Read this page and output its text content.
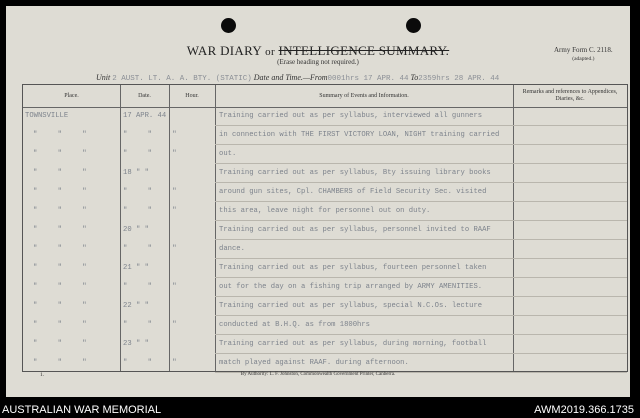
WAR DIARY or INTELLIGENCE SUMMARY.
(Erase heading not required.)
Army Form C. 2118.
(adapted.)
Unit 2 AUST. LT. A. A. BTY. (STATIC) Date and Time.—From0001hrs 17 APR. 44 To2359hrs 28 APR. 44
Place.	Date.	Hour.	Summary of Events and Information.
Remarks and references to Appendices, Diaries, &c.
TOWNSVILLE	17 APR. 44	Training carried out as per syllabus, interviewed all gunners
" " "	" " "	in connection with THE FIRST VICTORY LOAN, NIGHT training carried
" " "	" " "	out.
" " "	18 " "	Training carried out as per syllabus, Bty issuing library books
" " "	" " "	around gun sites, Cpl. CHAMBERS of Field Security Sec. visited
" " "	" " "	this area, leave night for personnel out on duty.
" " "	20 " "	Training carried out as per syllabus, personnel invited to RAAF
" " "	" " "	dance.
" " "	21 " "	Training carried out as per syllabus, fourteen personnel taken
" " "	" " "	out for the day on a fishing trip arranged by ARMY AMENITIES.
" " "	22 " "	Training carried out as per syllabus, special N.C.Os. lecture
" " "	" " "	conducted at B.H.Q. as from 1800hrs
" " "	23 " "	Training carried out as per syllabus, during morning, football
" " "	" " "	match played against RAAF. during afternoon.
1.	By Authority: L. F. Johnston, Commonwealth Government Printer, Canberra.
AUSTRALIAN WAR MEMORIAL	AWM2019.366.1735
